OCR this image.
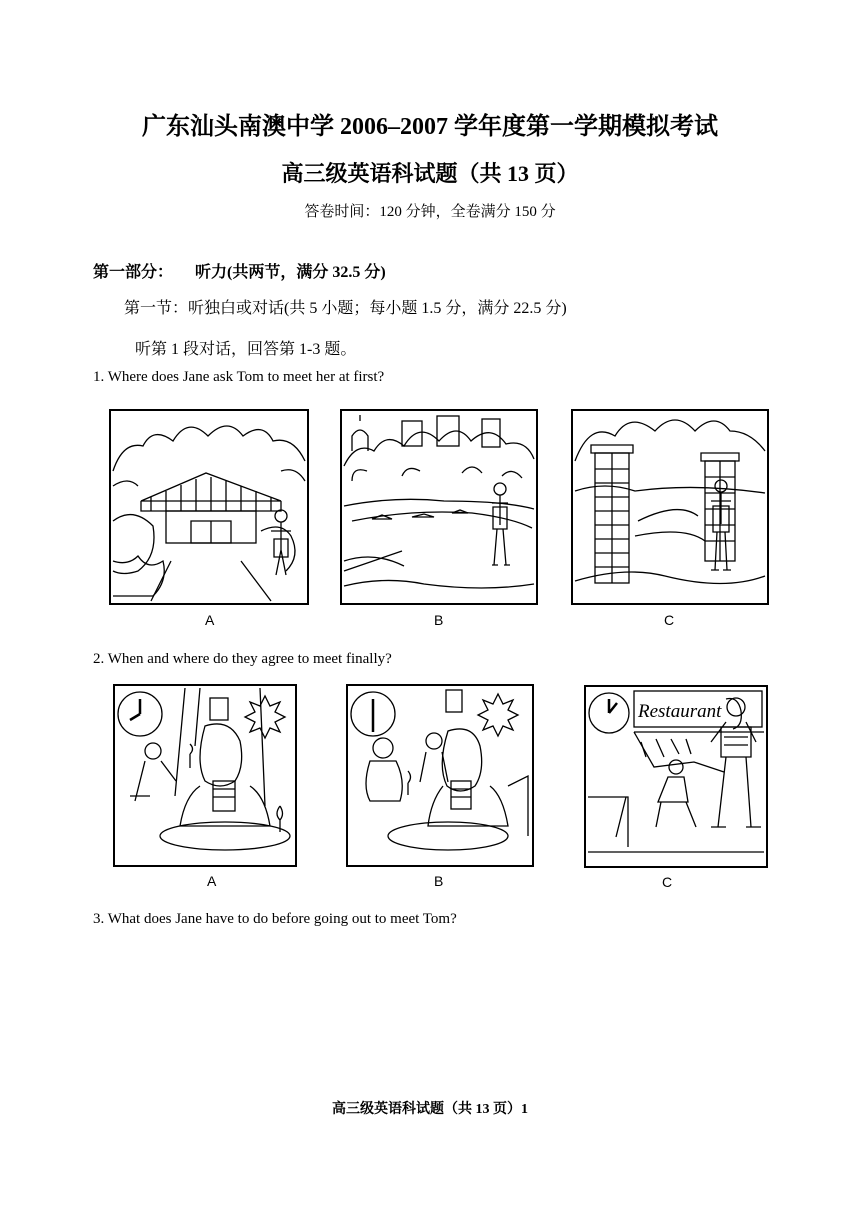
广东汕头南澳中学 2006–2007 学年度第一学期模拟考试
高三级英语科试题（共 13 页）
答卷时间：120 分钟，全卷满分 150 分
第一部分： 听力(共两节，满分 32.5 分)
第一节：听独白或对话(共 5 小题；每小题 1.5 分，满分 22.5 分)
听第 1 段对话，回答第 1-3 题。
1. Where does Jane ask Tom to meet her at first?
A	B	C
2. When and where do they agree to meet finally?
A	B
Restaurant
C
3. What does Jane have to do before going out to meet Tom?
高三级英语科试题（共 13 页）1
